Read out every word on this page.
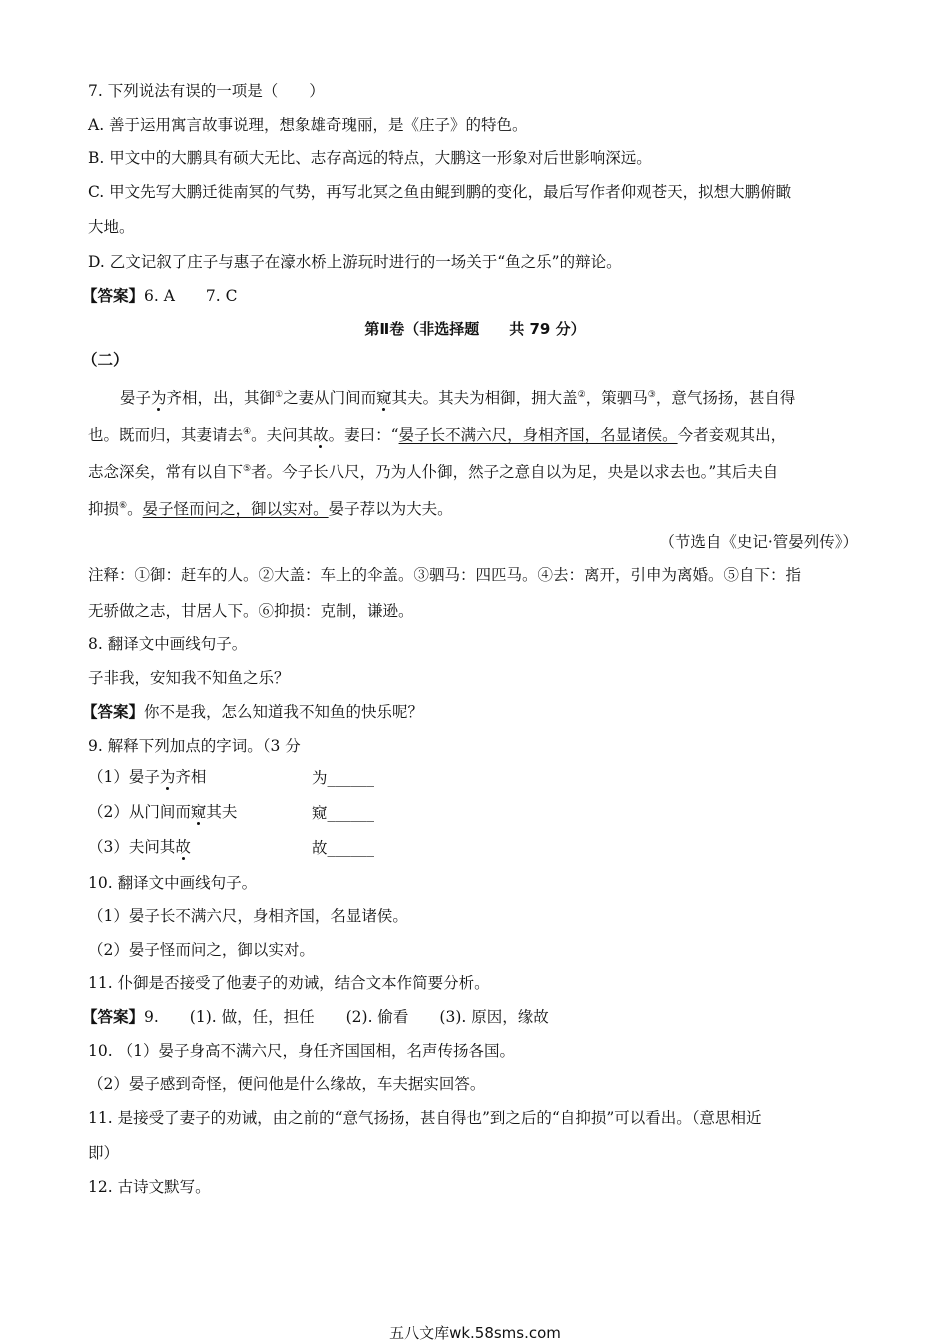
7. 下列说法有误的一项是（　　）
A. 善于运用寓言故事说理，想象雄奇瑰丽，是《庄子》的特色。
B. 甲文中的大鹏具有硕大无比、志存高远的特点，大鹏这一形象对后世影响深远。
C. 甲文先写大鹏迁徙南冥的气势，再写北冥之鱼由鲲到鹏的变化，最后写作者仰观苍天，拟想大鹏俯瞰
大地。
D. 乙文记叙了庄子与惠子在濠水桥上游玩时进行的一场关于“鱼之乐”的辩论。
【答案】6. A　　7. C
第Ⅱ卷（非选择题　　共 79 分）
（二）
晏子为齐相，出，其御①之妻从门间而窥其夫。其夫为相御，拥大盖②，策驷马③，意气扬扬，甚自得
也。既而归，其妻请去④。夫问其故。妻曰：“晏子长不满六尺，身相齐国，名显诸侯。今者妾观其出，
志念深矣，常有以自下⑤者。今子长八尺，乃为人仆御，然子之意自以为足，央是以求去也。”其后夫自
抑损⑥。晏子怪而问之，御以实对。晏子荐以为大夫。
（节选自《史记·管晏列传》）
注释：①御：赶车的人。②大盖：车上的伞盖。③驷马：四匹马。④去：离开，引申为离婚。⑤自下：指
无骄做之志，甘居人下。⑥抑损：克制，谦逊。
8. 翻译文中画线句子。
子非我，安知我不知鱼之乐？
【答案】你不是我，怎么知道我不知鱼的快乐呢？
9. 解释下列加点的字词。（3 分
（1）晏子为齐相	为______
（2）从门间而窥其夫	窥______
（3）夫问其故	故______
10. 翻译文中画线句子。
（1）晏子长不满六尺，身相齐国，名显诸侯。
（2）晏子怪而问之，御以实对。
11. 仆御是否接受了他妻子的劝诫，结合文本作简要分析。
【答案】9.　　(1). 做，任，担任　　(2). 偷看　　(3). 原因，缘故
10. （1）晏子身高不满六尺，身任齐国国相，名声传扬各国。
（2）晏子感到奇怪，便问他是什么缘故，车夫据实回答。
11. 是接受了妻子的劝诫，由之前的“意气扬扬，甚自得也”到之后的“自抑损”可以看出。（意思相近
即）
12. 古诗文默写。
五八文库wk.58sms.com
